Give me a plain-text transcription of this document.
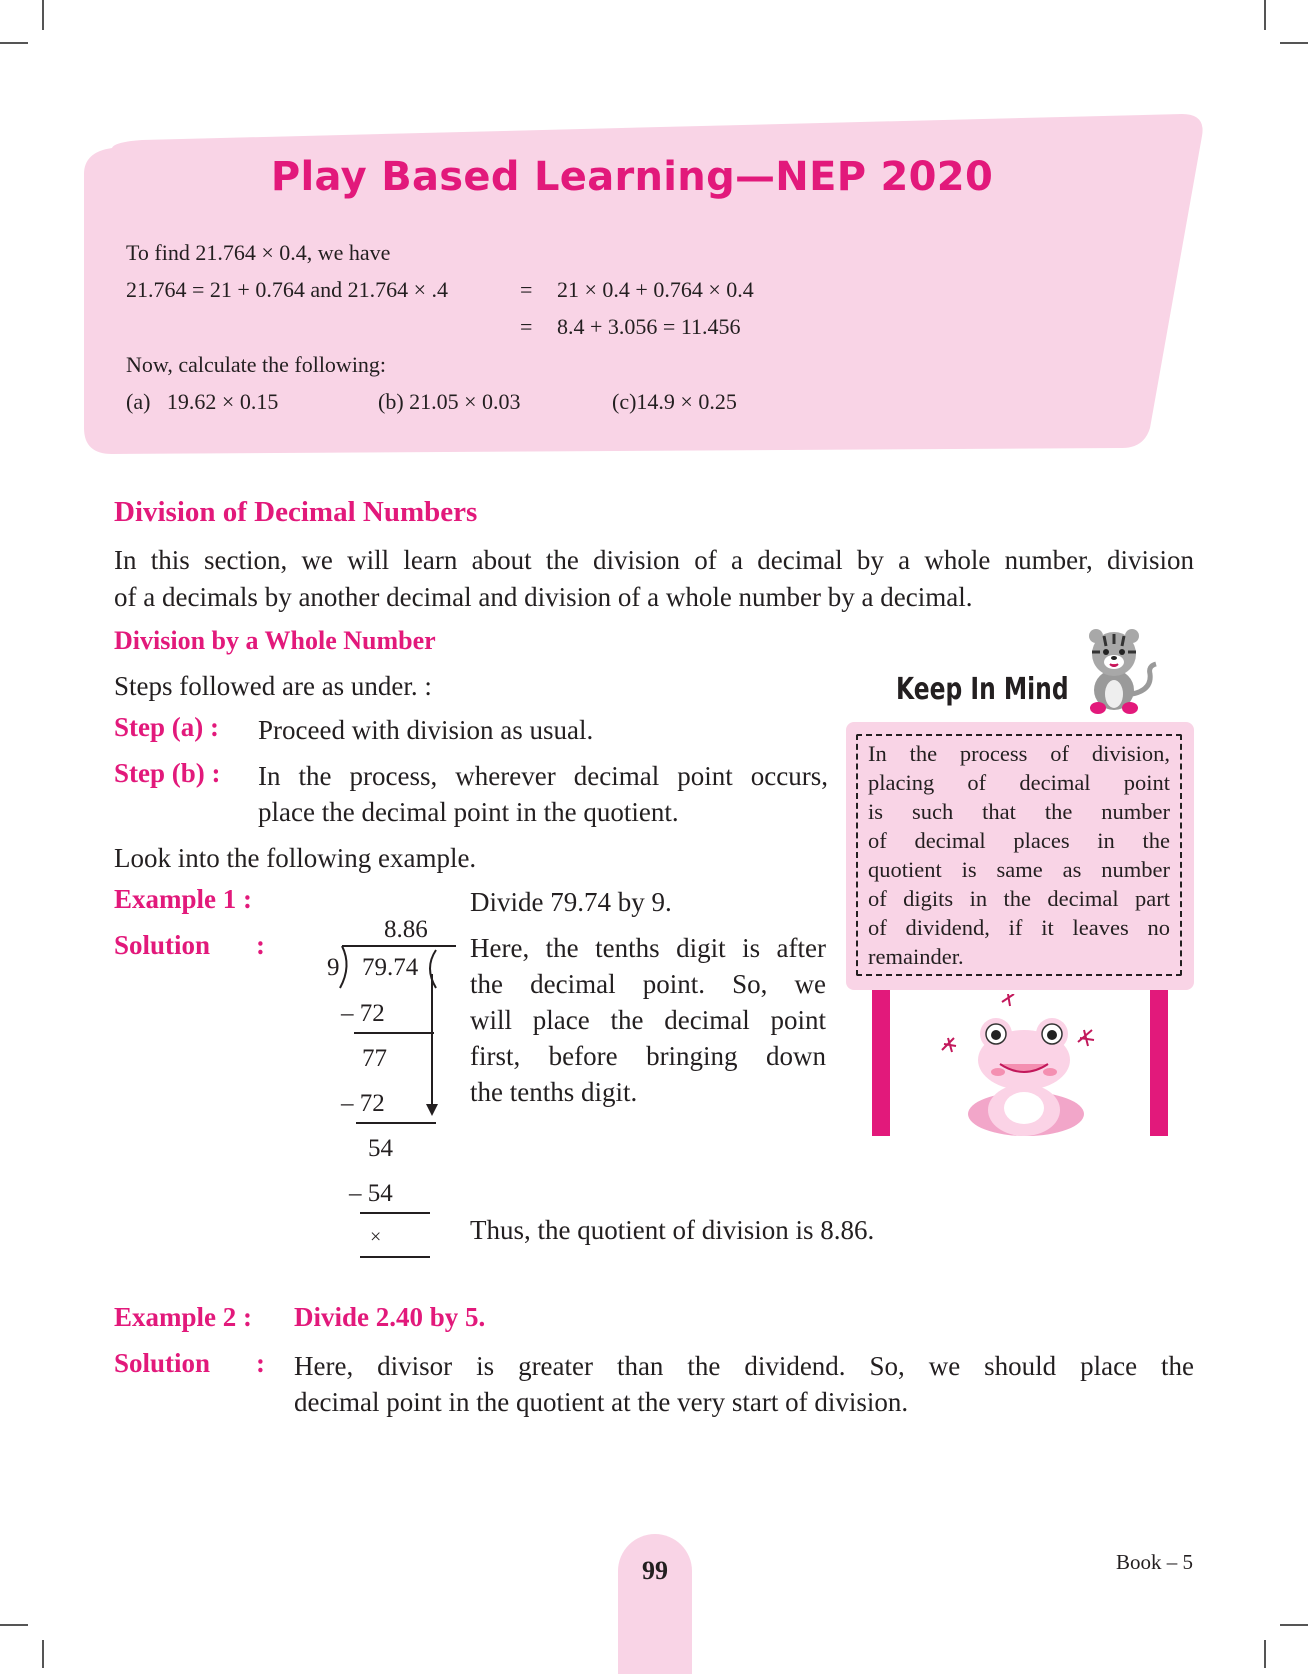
Play Based Learning—NEP 2020
To find 21.764 × 0.4, we have
21.764 = 21 + 0.764 and 21.764 × .4	= 21 × 0.4 + 0.764 × 0.4
= 8.4 + 3.056 = 11.456
Now, calculate the following:
(a)  19.62 × 0.15	(b) 21.05 × 0.03	(c)14.9 × 0.25
Division of Decimal Numbers
In this section, we will learn about the division of a decimal by a whole number, division
of a decimals by another decimal and division of a whole number by a decimal.
Division by a Whole Number
Steps followed are as under. :
Step (a) : Proceed with division as usual.
Step (b) : In the process, wherever decimal point occurs,
place the decimal point in the quotient.
Look into the following example.
Example 1 :	Divide 79.74 by 9.
Solution :
8.86
9 79.74
– 72
77
– 72
54
– 54
×
Here, the tenths digit is after
the decimal point. So, we
will place the decimal point
first, before bringing down
the tenths digit.
Thus, the quotient of division is 8.86.
Keep In Mind
In the process of division,
placing of decimal point
is such that the number
of decimal places in the
quotient is same as number
of digits in the decimal part
of dividend, if it leaves no
remainder.
Example 2 : Divide 2.40 by 5.
Solution : Here, divisor is greater than the dividend. So, we should place the
decimal point in the quotient at the very start of division.
99	Book – 5
